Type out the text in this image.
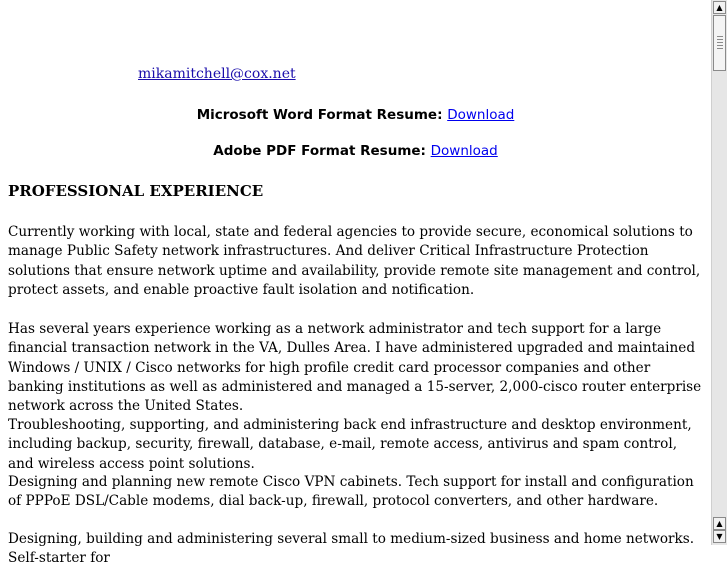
mikamitchell@cox.net
Microsoft Word Format Resume: Download
Adobe PDF Format Resume: Download
PROFESSIONAL EXPERIENCE

Currently working with local, state and federal agencies to provide secure, economical solutions to manage Public Safety network infrastructures. And deliver Critical Infrastructure Protection solutions that ensure network uptime and availability, provide remote site management and control, protect assets, and enable proactive fault isolation and notification.

Has several years experience working as a network administrator and tech support for a large financial transaction network in the VA, Dulles Area. I have administered upgraded and maintained Windows / UNIX / Cisco networks for high profile credit card processor companies and other banking institutions as well as administered and managed a 15-server, 2,000-cisco router enterprise network across the United States.

Troubleshooting, supporting, and administering back end infrastructure and desktop environment, including backup, security, firewall, database, e-mail, remote access, antivirus and spam control, and wireless access point solutions.

Designing and planning new remote Cisco VPN cabinets. Tech support for install and configuration of PPPoE DSL/Cable modems, dial back-up, firewall, protocol converters, and other hardware.

Designing, building and administering several small to medium-sized business and home networks. Self-starter for

▲
▲
▼
